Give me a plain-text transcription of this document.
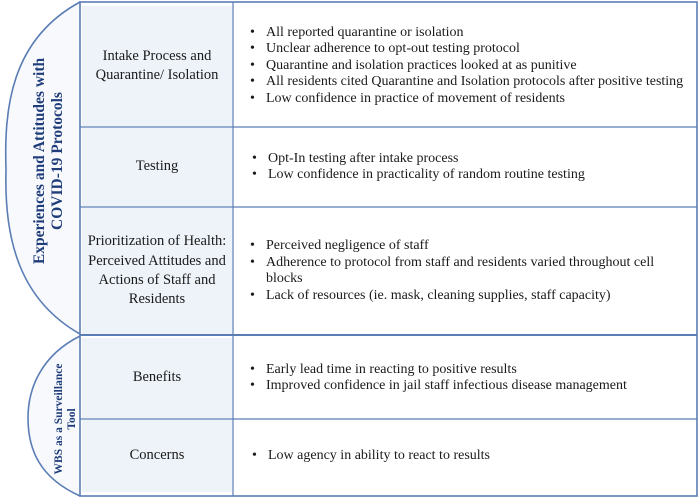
Experiences and Attitudes with COVID-19 Protocols
WBS as a Surveillance Tool
Intake Process and Quarantine/ Isolation
• All reported quarantine or isolation
• Unclear adherence to opt-out testing protocol
• Quarantine and isolation practices looked at as punitive
• All residents cited Quarantine and Isolation protocols after positive testing
• Low confidence in practice of movement of residents
Testing
• Opt-In testing after intake process
• Low confidence in practicality of random routine testing
Prioritization of Health: Perceived Attitudes and Actions of Staff and Residents
• Perceived negligence of staff
• Adherence to protocol from staff and residents varied throughout cell blocks
• Lack of resources (ie. mask, cleaning supplies, staff capacity)
Benefits
• Early lead time in reacting to positive results
• Improved confidence in jail staff infectious disease management
Concerns
•	Low agency in ability to react to results
